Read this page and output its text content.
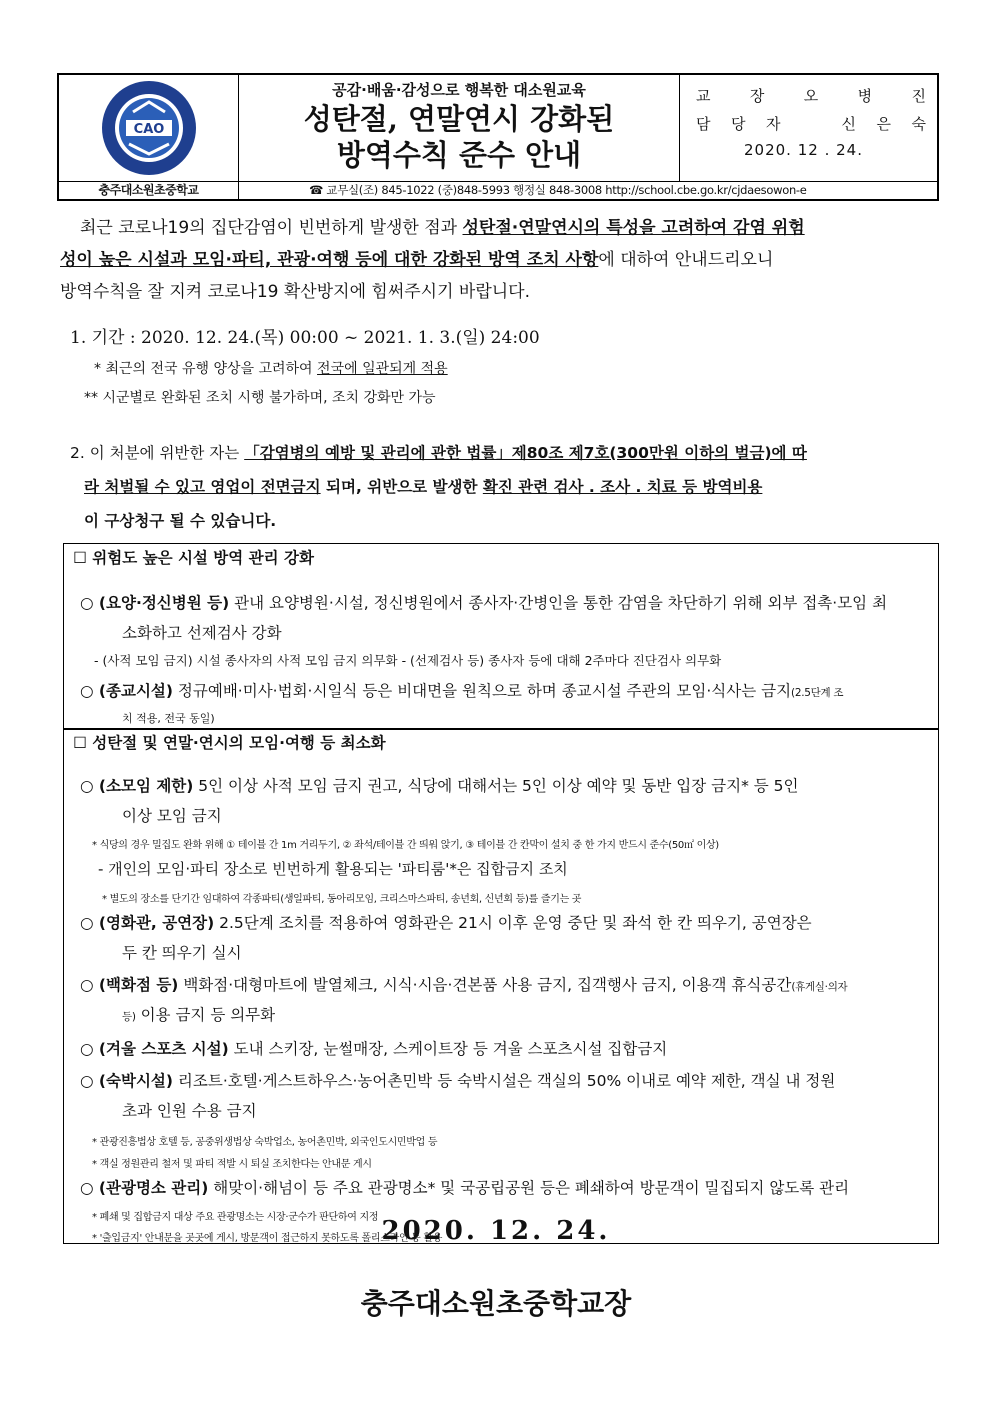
CAO
공감·배움·감성으로 행복한 대소원교육
성탄절, 연말연시 강화된
방역수칙 준수 안내
교	장	오	병	진
담 당 자	신 은 숙
2020. 12 . 24.
충주대소원초중학교	☎ 교무실(조) 845-1022 (중)848-5993 행정실 848-3008 http://school.cbe.go.kr/cjdaesowon-e
최근 코로나19의 집단감염이 빈번하게 발생한 점과 성탄절·연말연시의 특성을 고려하여 감염 위험
성이 높은 시설과 모임·파티, 관광·여행 등에 대한 강화된 방역 조치 사항에 대하여 안내드리오니
방역수칙을 잘 지켜 코로나19 확산방지에 힘써주시기 바랍니다.
1. 기간 : 2020. 12. 24.(목) 00:00 ~ 2021. 1. 3.(일) 24:00
* 최근의 전국 유행 양상을 고려하여 전국에 일관되게 적용
** 시군별로 완화된 조치 시행 불가하며, 조치 강화만 가능
2. 이 처분에 위반한 자는 「감염병의 예방 및 관리에 관한 법률」제80조 제7호(300만원 이하의 벌금)에 따
라 처벌될 수 있고 영업이 전면금지 되며, 위반으로 발생한 확진 관련 검사 . 조사 . 치료 등 방역비용
이 구상청구 될 수 있습니다.
☐ 위험도 높은 시설 방역 관리 강화
○ (요양·정신병원 등) 관내 요양병원·시설, 정신병원에서 종사자·간병인을 통한 감염을 차단하기 위해 외부 접촉·모임 최
소화하고 선제검사 강화
- (사적 모임 금지) 시설 종사자의 사적 모임 금지 의무화 - (선제검사 등) 종사자 등에 대해 2주마다 진단검사 의무화
○ (종교시설) 정규예배·미사·법회·시일식 등은 비대면을 원칙으로 하며 종교시설 주관의 모임·식사는 금지(2.5단계 조
치 적용, 전국 동일)
☐ 성탄절 및 연말·연시의 모임·여행 등 최소화
○ (소모임 제한) 5인 이상 사적 모임 금지 권고, 식당에 대해서는 5인 이상 예약 및 동반 입장 금지* 등 5인
이상 모임 금지
* 식당의 경우 밀집도 완화 위해 ① 테이블 간 1m 거리두기, ② 좌석/테이블 간 띄워 앉기, ③ 테이블 간 칸막이 설치 중 한 가지 반드시 준수(50㎡ 이상)
- 개인의 모임·파티 장소로 빈번하게 활용되는 '파티룸'*은 집합금지 조치
* 별도의 장소를 단기간 임대하여 각종파티(생일파티, 동아리모임, 크리스마스파티, 송년회, 신년회 등)를 즐기는 곳
○ (영화관, 공연장) 2.5단계 조치를 적용하여 영화관은 21시 이후 운영 중단 및 좌석 한 칸 띄우기, 공연장은
두 칸 띄우기 실시
○ (백화점 등) 백화점·대형마트에 발열체크, 시식·시음·견본품 사용 금지, 집객행사 금지, 이용객 휴식공간(휴게실·의자
등) 이용 금지 등 의무화
○ (겨울 스포츠 시설) 도내 스키장, 눈썰매장, 스케이트장 등 겨울 스포츠시설 집합금지
○ (숙박시설) 리조트·호텔·게스트하우스·농어촌민박 등 숙박시설은 객실의 50% 이내로 예약 제한, 객실 내 정원
초과 인원 수용 금지
* 관광진흥법상 호텔 등, 공중위생법상 숙박업소, 농어촌민박, 외국인도시민박업 등
* 객실 정원관리 철저 및 파티 적발 시 퇴실 조치한다는 안내문 게시
○ (관광명소 관리) 해맞이·해넘이 등 주요 관광명소* 및 국공립공원 등은 폐쇄하여 방문객이 밀집되지 않도록 관리
* 폐쇄 및 집합금지 대상 주요 관광명소는 시장·군수가 판단하여 지정
* '출입금지' 안내문을 곳곳에 게시, 방문객이 접근하지 못하도록 폴리스라인 등 활용
2020. 12. 24.
충주대소원초중학교장
